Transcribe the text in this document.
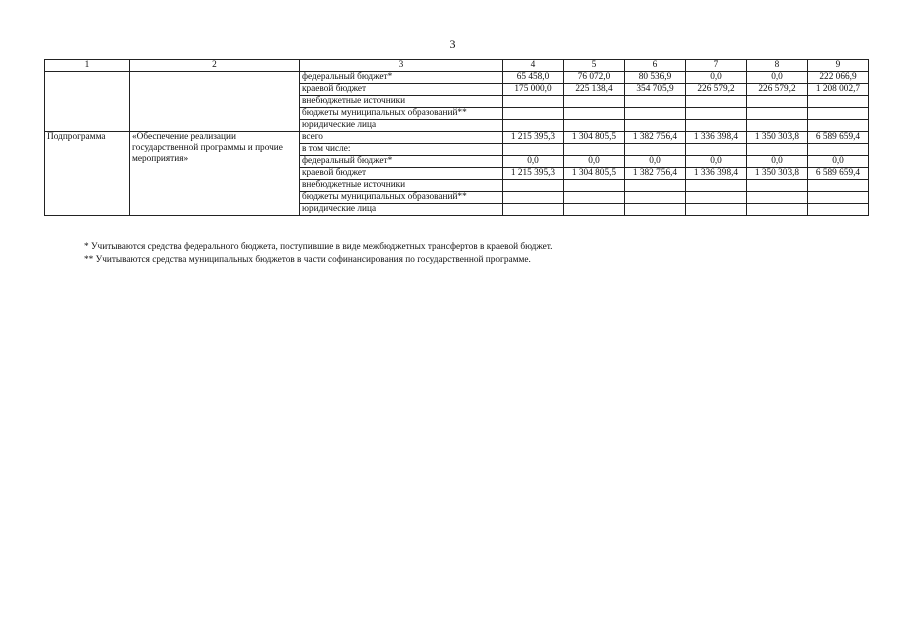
3
1	2	3	4	5	6	7	8	9
		федеральный бюджет*	65 458,0	76 072,0	80 536,9	0,0	0,0	222 066,9
		краевой бюджет	175 000,0	225 138,4	354 705,9	226 579,2	226 579,2	1 208 002,7
		внебюджетные источники						
		бюджеты муниципальных образований**						
		юридические лица						
Подпрограмма	«Обеспечение реализации государственной программы и прочие мероприятия»	всего	1 215 395,3	1 304 805,5	1 382 756,4	1 336 398,4	1 350 303,8	6 589 659,4
		в том числе:						
		федеральный бюджет*	0,0	0,0	0,0	0,0	0,0	0,0
		краевой бюджет	1 215 395,3	1 304 805,5	1 382 756,4	1 336 398,4	1 350 303,8	6 589 659,4
		внебюджетные источники						
		бюджеты муниципальных образований**						
		юридические лица						
* Учитываются средства федерального бюджета, поступившие в виде межбюджетных трансфертов в краевой бюджет.
** Учитываются средства муниципальных бюджетов в части софинансирования по государственной программе.
